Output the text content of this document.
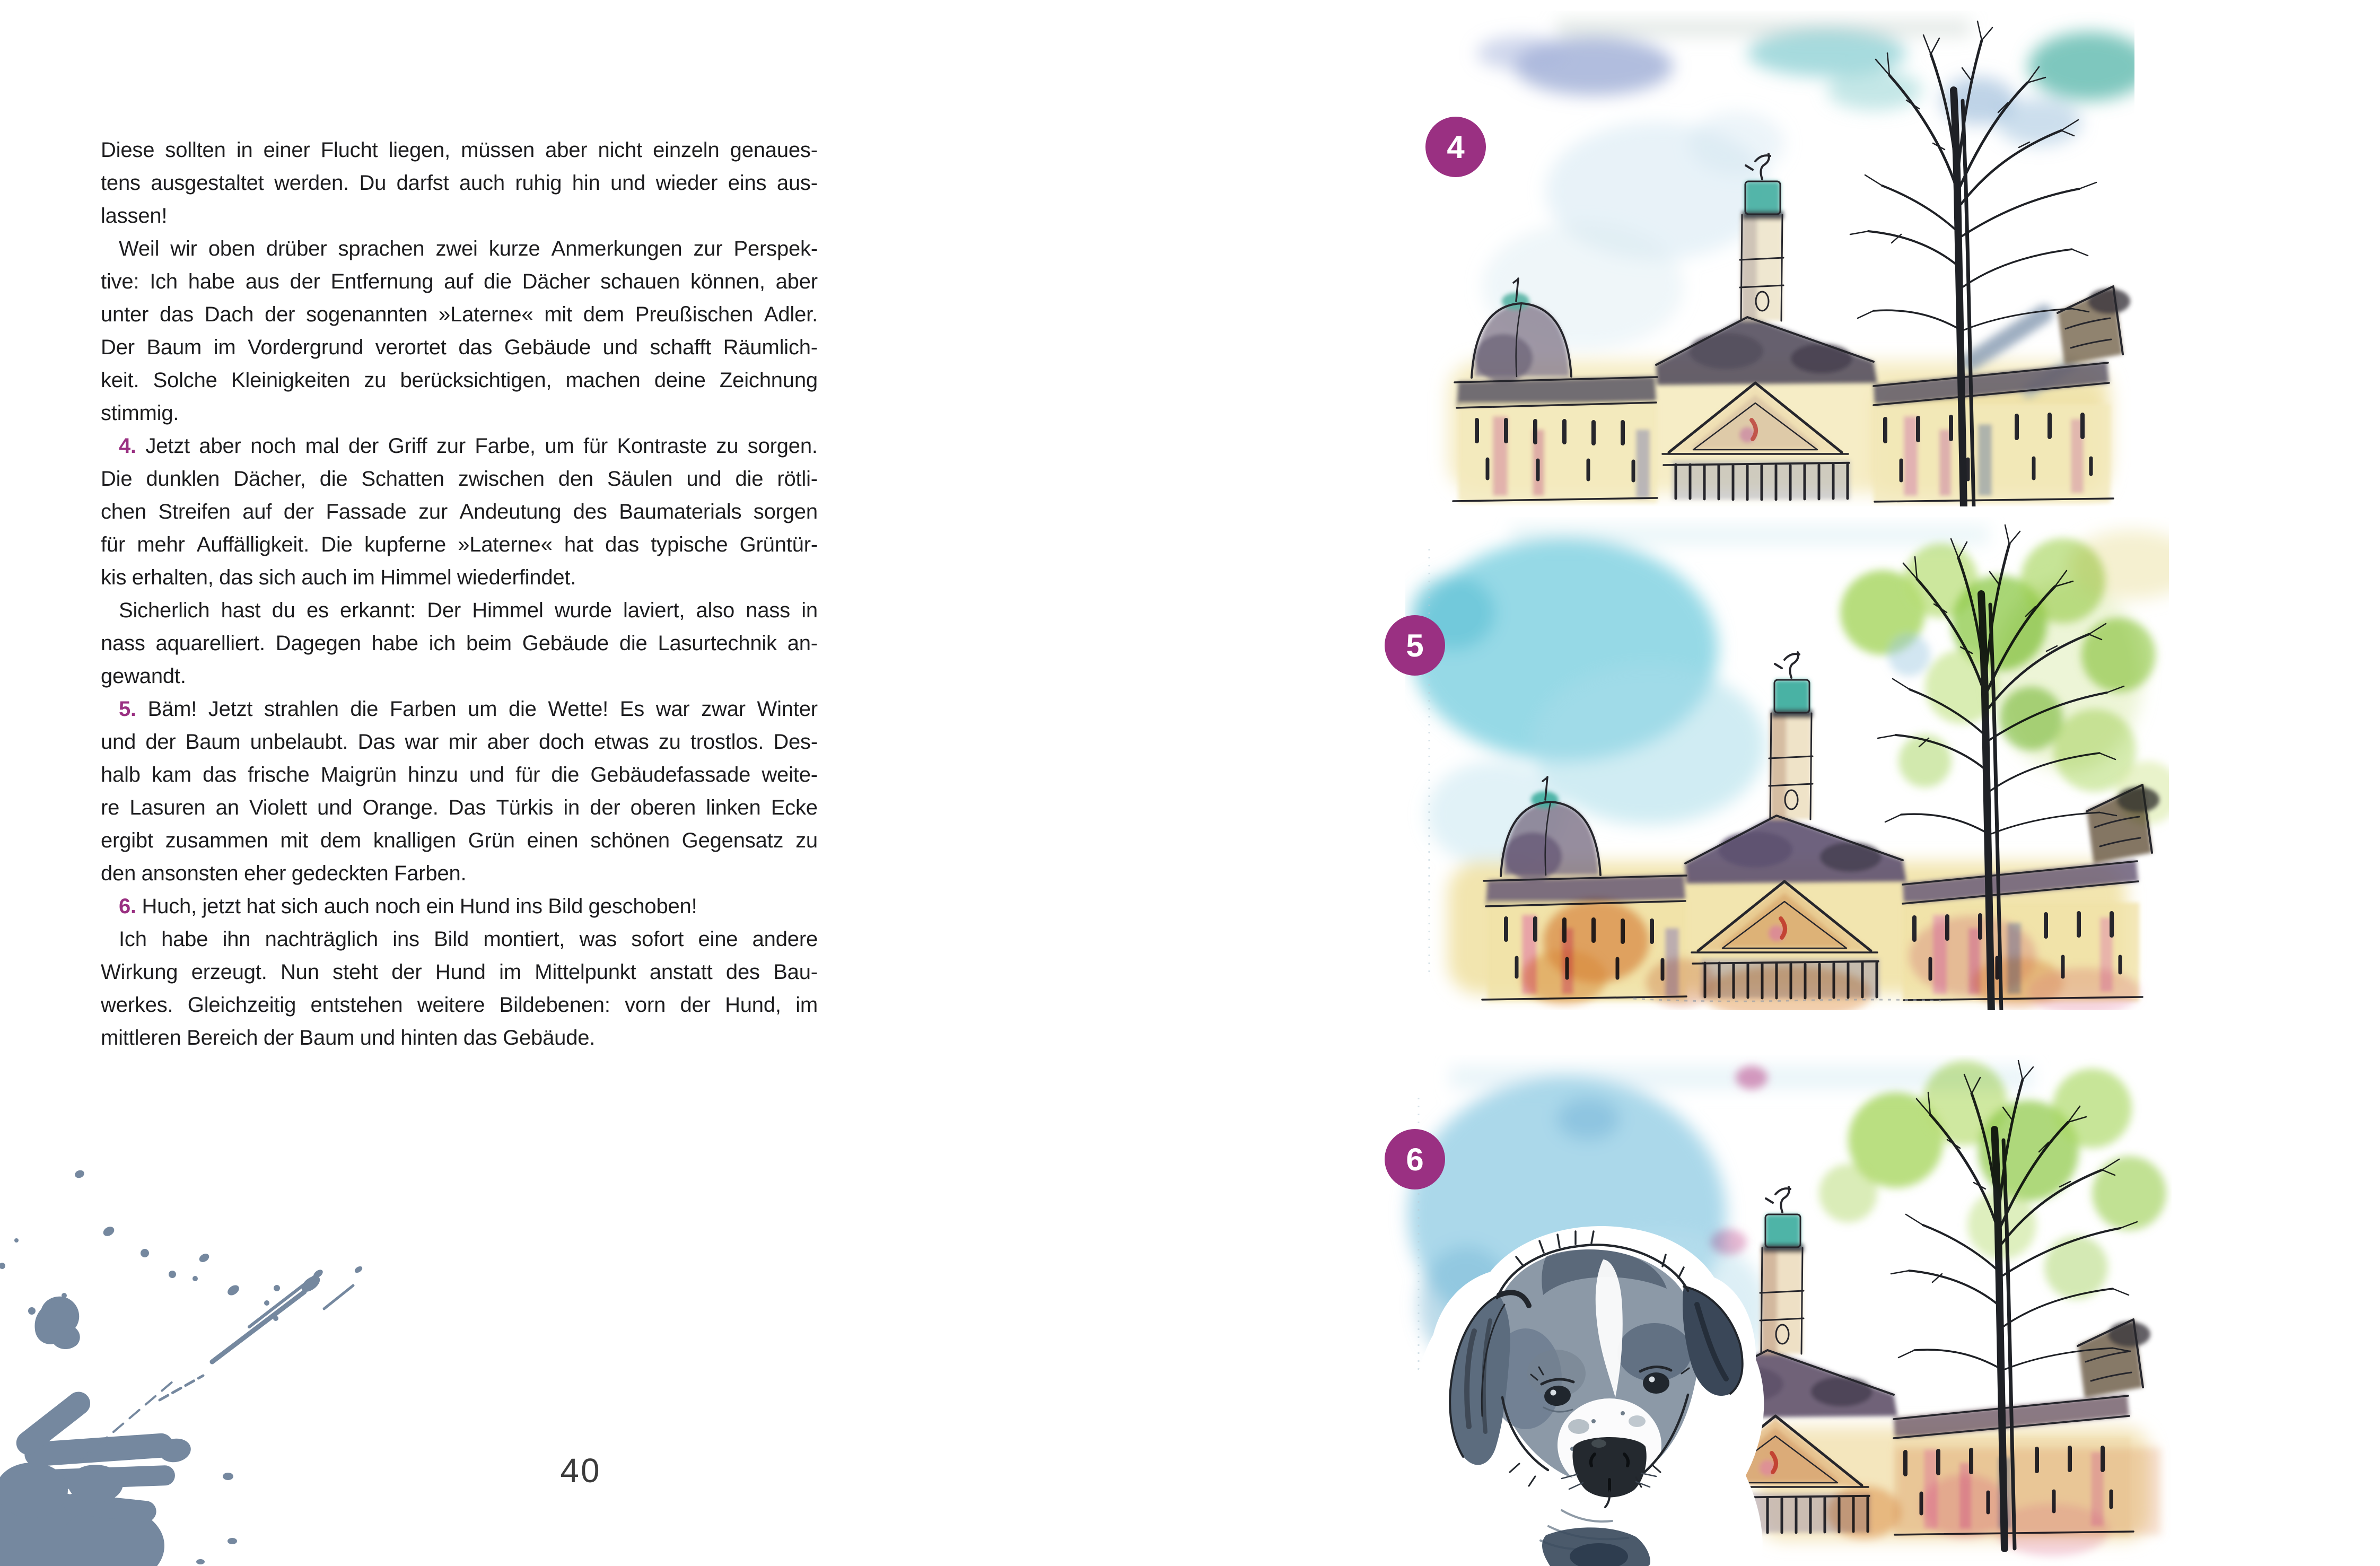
Diese sollten in einer Flucht liegen, müssen aber nicht einzeln genaues-
tens ausgestaltet werden. Du darfst auch ruhig hin und wieder eins aus-
lassen!
Weil wir oben drüber sprachen zwei kurze Anmerkungen zur Perspek-
tive: Ich habe aus der Entfernung auf die Dächer schauen können, aber
unter das Dach der sogenannten »Laterne« mit dem Preußischen Adler.
Der Baum im Vordergrund verortet das Gebäude und schafft Räumlich-
keit. Solche Kleinigkeiten zu berücksichtigen, machen deine Zeichnung
stimmig.
4. Jetzt aber noch mal der Griff zur Farbe, um für Kontraste zu sorgen.
Die dunklen Dächer, die Schatten zwischen den Säulen und die rötli-
chen Streifen auf der Fassade zur Andeutung des Baumaterials sorgen
für mehr Auffälligkeit. Die kupferne »Laterne« hat das typische Grüntür-
kis erhalten, das sich auch im Himmel wiederfindet.
Sicherlich hast du es erkannt: Der Himmel wurde laviert, also nass in
nass aquarelliert. Dagegen habe ich beim Gebäude die Lasurtechnik an-
gewandt.
5. Bäm! Jetzt strahlen die Farben um die Wette! Es war zwar Winter
und der Baum unbelaubt. Das war mir aber doch etwas zu trostlos. Des-
halb kam das frische Maigrün hinzu und für die Gebäudefassade weite-
re Lasuren an Violett und Orange. Das Türkis in der oberen linken Ecke
ergibt zusammen mit dem knalligen Grün einen schönen Gegensatz zu
den ansonsten eher gedeckten Farben.
6. Huch, jetzt hat sich auch noch ein Hund ins Bild geschoben!
Ich habe ihn nachträglich ins Bild montiert, was sofort eine andere
Wirkung erzeugt. Nun steht der Hund im Mittelpunkt anstatt des Bau-
werkes. Gleichzeitig entstehen weitere Bildebenen: vorn der Hund, im
mittleren Bereich der Baum und hinten das Gebäude.
40
4
5
6
